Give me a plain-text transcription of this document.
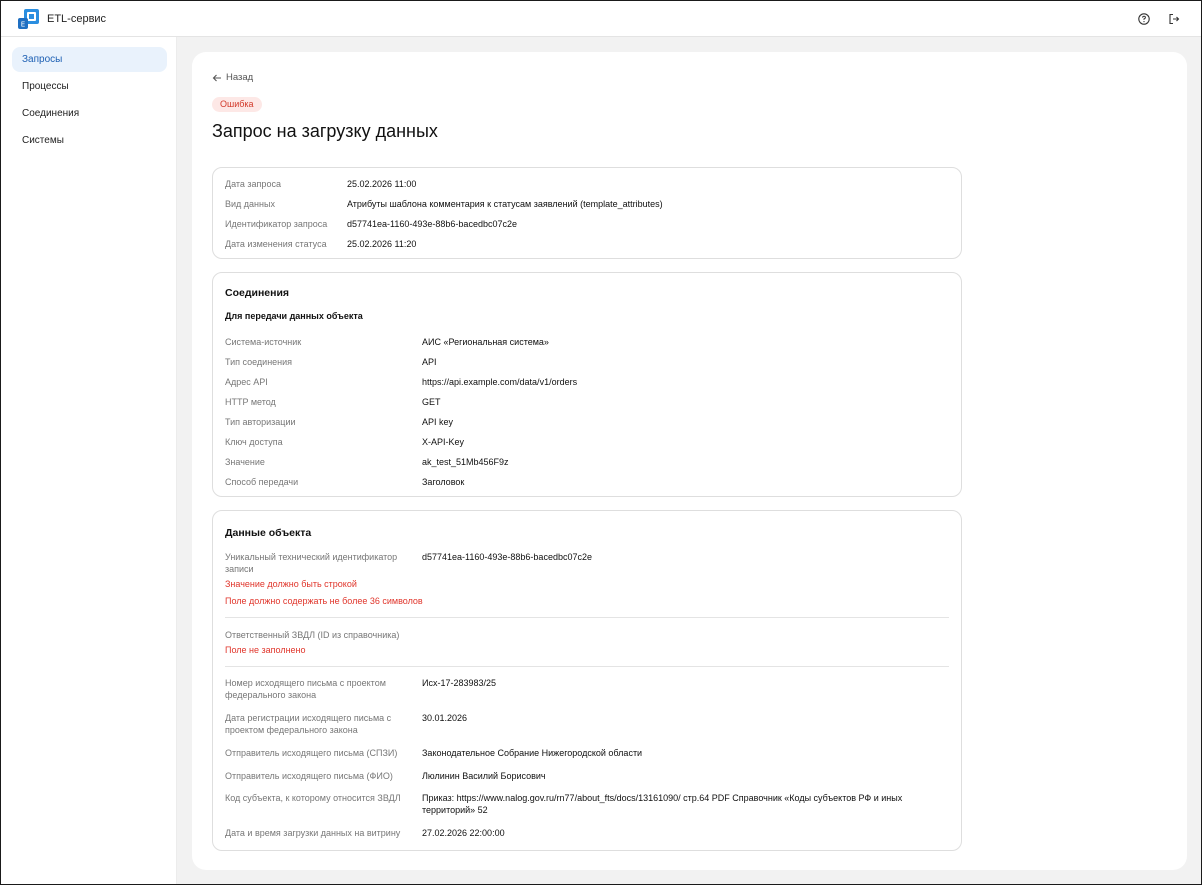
E ETL-сервис
Запросы
Процессы
Соединения
Системы
Назад
Ошибка
Запрос на загрузку данных
Дата запроса	25.02.2026 11:00
Вид данных	Атрибуты шаблона комментария к статусам заявлений (template_attributes)
Идентификатор запроса d57741ea-1160-493e-88b6-bacedbc07c2e
Дата изменения статуса 25.02.2026 11:20
Соединения
Для передачи данных объекта
Система-источник	АИС «Региональная система»
Тип соединения	API
Адрес API	https://api.example.com/data/v1/orders
HTTP метод	GET
Тип авторизации	API key
Ключ доступа	X-API-Key
Значение	ak_test_51Mb456F9z
Способ передачи	Заголовок
Данные объекта
Уникальный технический идентификатор
записи
d57741ea-1160-493e-88b6-bacedbc07c2e
Значение должно быть строкой
Поле должно содержать не более 36 символов
Ответственный ЗВДЛ (ID из справочника)
Поле не заполнено
Номер исходящего письма с проектом
федерального закона
Исх-17-283983/25
Дата регистрации исходящего письма с
проектом федерального закона
30.01.2026
Отправитель исходящего письма (СПЗИ)	Законодательное Собрание Нижегородской области
Отправитель исходящего письма (ФИО)	Люлинин Василий Борисович
Код субъекта, к которому относится ЗВДЛ Приказ: https://www.nalog.gov.ru/rn77/about_fts/docs/13161090/ стр.64 PDF Справочник «Коды субъектов РФ и иных
территорий» 52
Дата и время загрузки данных на витрину 27.02.2026 22:00:00
